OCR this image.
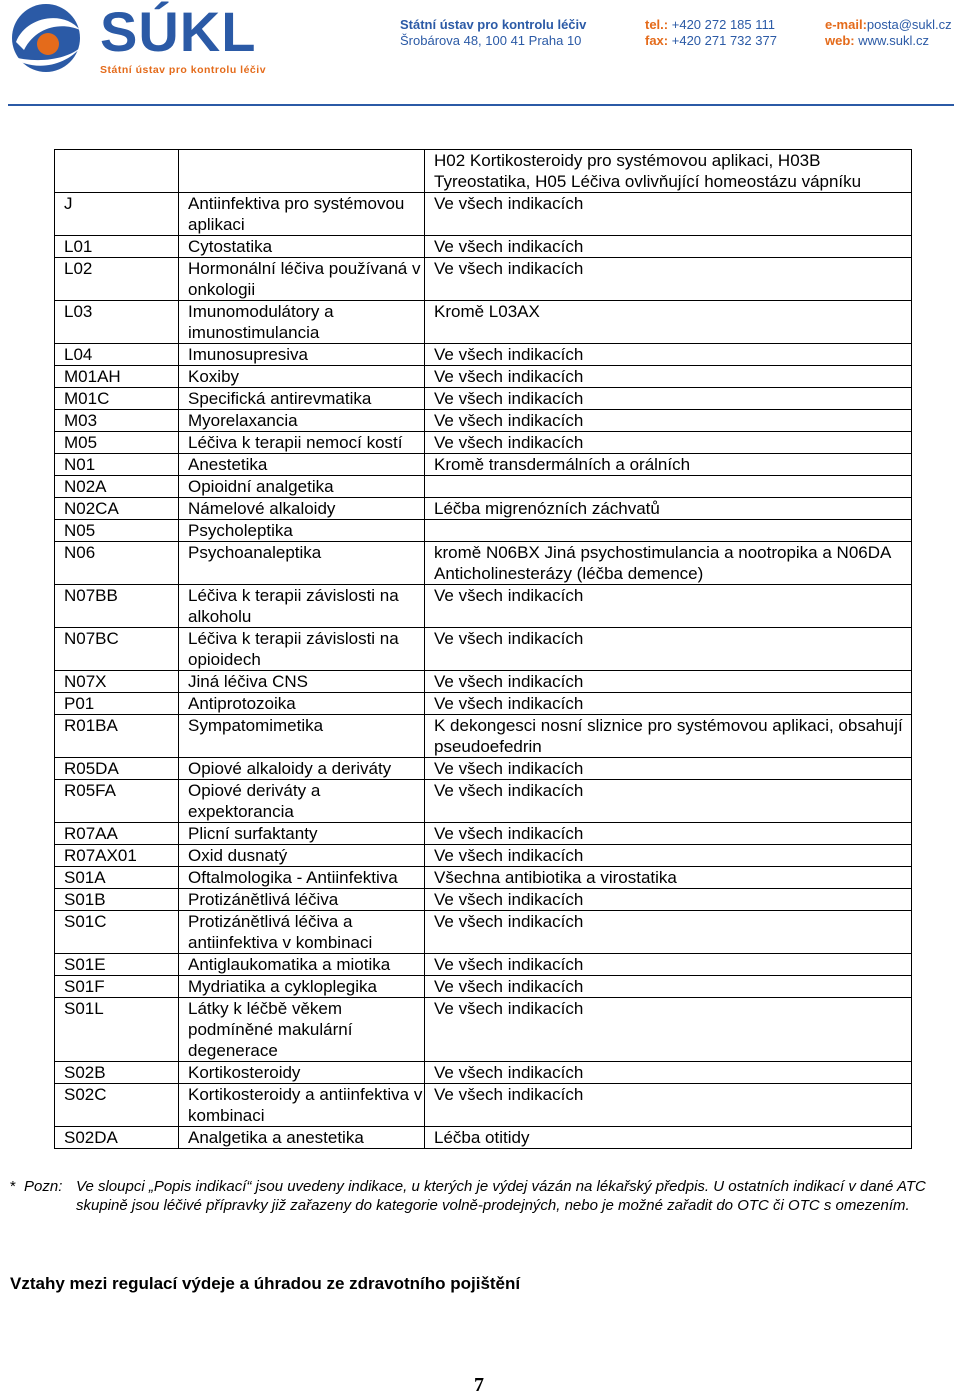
SÚKL
Státní ústav pro kontrolu léčiv
Státní ústav pro kontrolu léčiv
Šrobárova 48, 100 41 Praha 10
tel.: +420 272 185 111
fax: +420 271 732 377
e-mail:posta@sukl.cz
web: www.sukl.cz
		H02 Kortikosteroidy pro systémovou aplikaci, H03B Tyreostatika, H05 Léčiva ovlivňující homeostázu vápníku
J	Antiinfektiva pro systémovou aplikaci	Ve všech indikacích
L01	Cytostatika	Ve všech indikacích
L02	Hormonální léčiva používaná v onkologii	Ve všech indikacích
L03	Imunomodulátory a imunostimulancia	Kromě L03AX
L04	Imunosupresiva	Ve všech indikacích
M01AH	Koxiby	Ve všech indikacích
M01C	Specifická antirevmatika	Ve všech indikacích
M03	Myorelaxancia	Ve všech indikacích
M05	Léčiva k terapii nemocí kostí	Ve všech indikacích
N01	Anestetika	Kromě transdermálních a orálních
N02A	Opioidní analgetika	
N02CA	Námelové alkaloidy	Léčba migrenózních záchvatů
N05	Psycholeptika	
N06	Psychoanaleptika	kromě N06BX Jiná psychostimulancia a nootropika a N06DA Anticholinesterázy (léčba demence)
N07BB	Léčiva k terapii závislosti na alkoholu	Ve všech indikacích
N07BC	Léčiva k terapii závislosti na opioidech	Ve všech indikacích
N07X	Jiná léčiva CNS	Ve všech indikacích
P01	Antiprotozoika	Ve všech indikacích
R01BA	Sympatomimetika	K dekongesci nosní sliznice pro systémovou aplikaci, obsahují pseudoefedrin
R05DA	Opiové alkaloidy a deriváty	Ve všech indikacích
R05FA	Opiové deriváty a expektorancia	Ve všech indikacích
R07AA	Plicní surfaktanty	Ve všech indikacích
R07AX01	Oxid dusnatý	Ve všech indikacích
S01A	Oftalmologika - Antiinfektiva	Všechna antibiotika a virostatika
S01B	Protizánětlivá léčiva	Ve všech indikacích
S01C	Protizánětlivá léčiva a antiinfektiva v kombinaci	Ve všech indikacích
S01E	Antiglaukomatika a miotika	Ve všech indikacích
S01F	Mydriatika a cykloplegika	Ve všech indikacích
S01L	Látky k léčbě věkem podmíněné makulární degenerace	Ve všech indikacích
S02B	Kortikosteroidy	Ve všech indikacích
S02C	Kortikosteroidy a antiinfektiva v kombinaci	Ve všech indikacích
S02DA	Analgetika a anestetika	Léčba otitidy
* Pozn: Ve sloupci „Popis indikací“ jsou uvedeny indikace, u kterých je výdej vázán na lékařský předpis. U ostatních indikací v dané ATC skupině jsou léčivé přípravky již zařazeny do kategorie volně-prodejných, nebo je možné zařadit do OTC či OTC s omezením.
Vztahy mezi regulací výdeje a úhradou ze zdravotního pojištění
7
